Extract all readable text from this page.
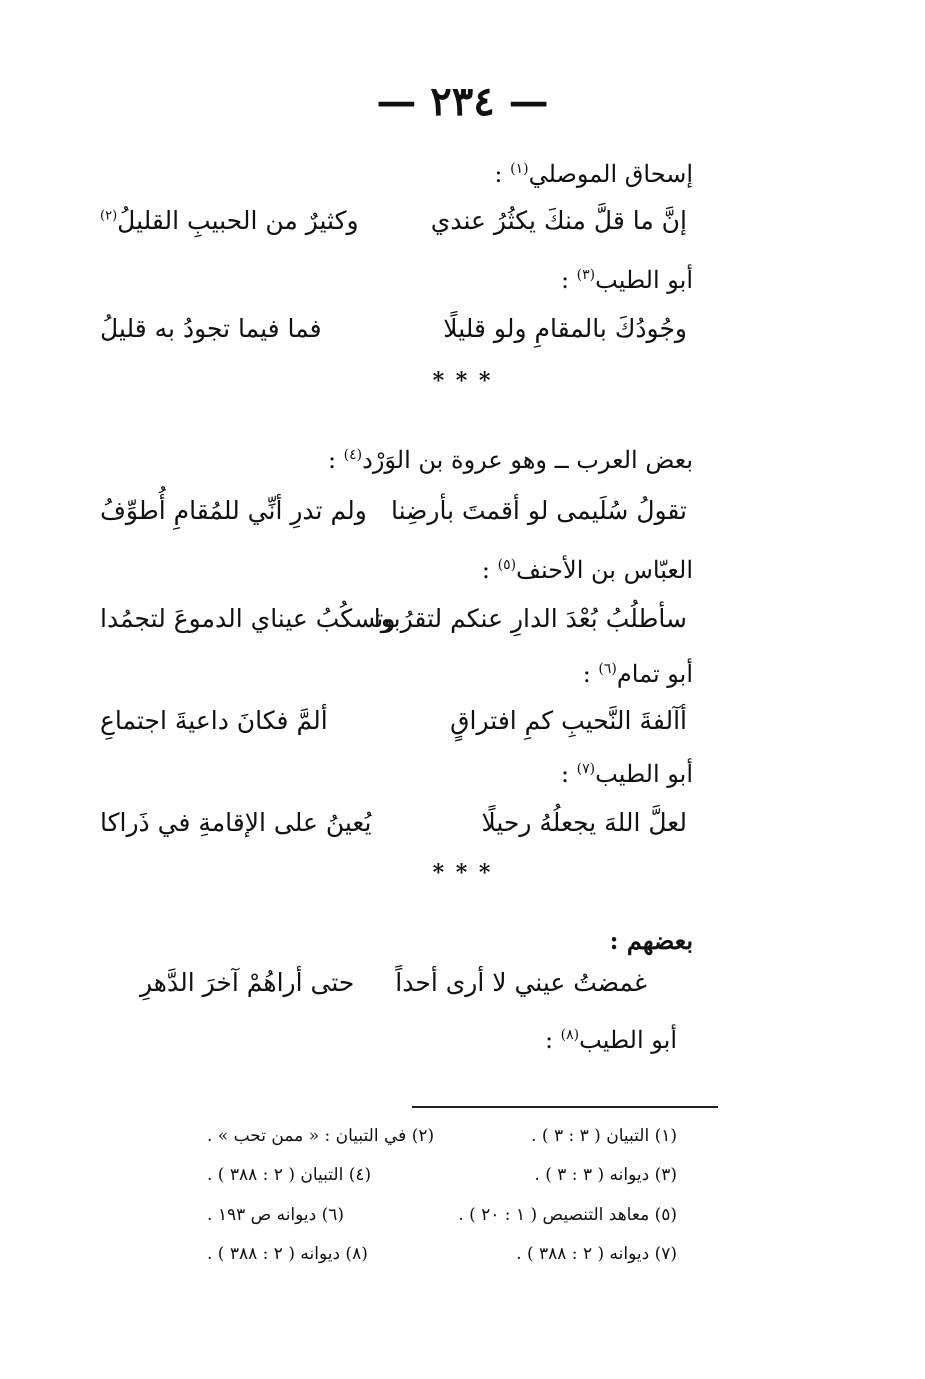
— ٢٣٤ —
إسحاق الموصلي$^{(١)}$ :
إنَّ ما قلَّ منكَ يكثُرُ عندي
وكثيرٌ من الحبيبِ القليلُ$^{(٢)}$
أبو الطيب$^{(٣)}$ :
وجُودُكَ بالمقامِ ولو قليلًا
فما فيما تجودُ به قليلُ
* * *
بعض العرب ــ وهو عروة بن الوَرْد$^{(٤)}$ :
تقولُ سُلَيمى لو أقمتَ بأرضِنا
ولم تدرِ أنِّي للمُقامِ أُطوِّفُ
العبّاس بن الأحنف$^{(٥)}$ :
سأطلُبُ بُعْدَ الدارِ عنكم لتقرُبوا
وتسكُبُ عيناي الدموعَ لتجمُدا
أبو تمام$^{(٦)}$ :
أآلفةَ النَّحيبِ كمِ افتراقٍ
ألمَّ فكانَ داعيةَ اجتماعِ
أبو الطيب$^{(٧)}$ :
لعلَّ اللهَ يجعلُهُ رحيلًا
يُعينُ على الإقامةِ في ذَراكا
* * *
بعضهم :
غمضتُ عيني لا أرى أحداً
حتى أراهُمْ آخرَ الدَّهرِ
أبو الطيب$^{(٨)}$ :
(١) التبيان ( ٣ : ٣ ) .
(٢) في التبيان : « ممن تحب » .
(٣) ديوانه ( ٣ : ٣ ) .
(٤) التبيان ( ٢ : ٣٨٨ ) .
(٥) معاهد التنصيص ( ١ : ٢٠ ) .
(٦) ديوانه ص ١٩٣ .
(٧) ديوانه ( ٢ : ٣٨٨ ) .
(٨) ديوانه ( ٢ : ٣٨٨ ) .
